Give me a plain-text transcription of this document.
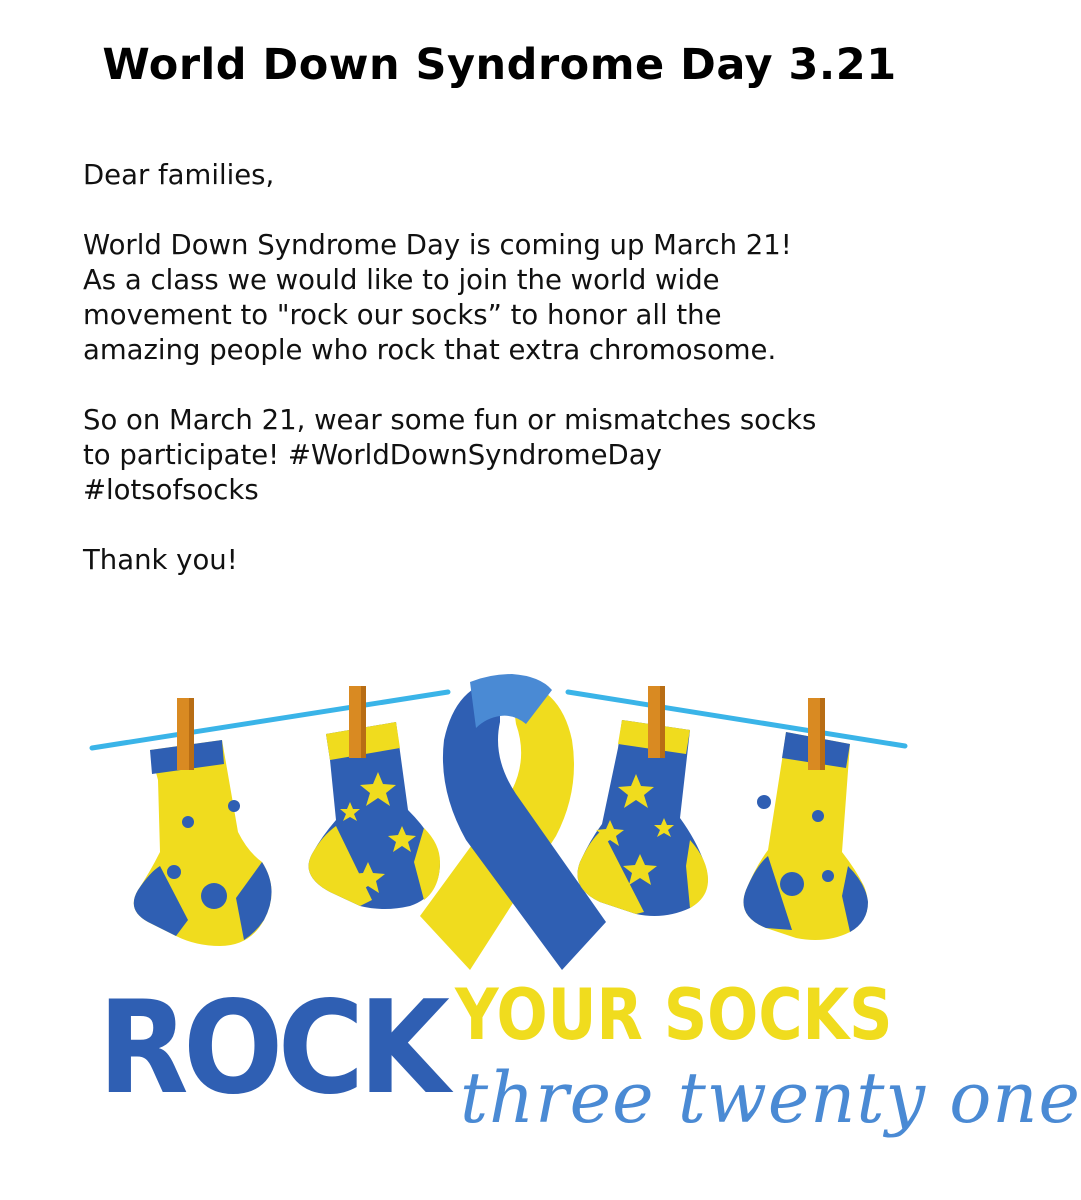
World Down Syndrome Day 3.21

Dear families,

World Down Syndrome Day is coming up March 21!
As a class we would like to join the world wide
movement to "rock our socks” to honor all the
amazing people who rock that extra chromosome.

So on March 21, wear some fun or mismatches socks
to participate! #WorldDownSyndromeDay
#lotsofsocks

Thank you!

ROCK YOUR SOCKS
three twenty one
